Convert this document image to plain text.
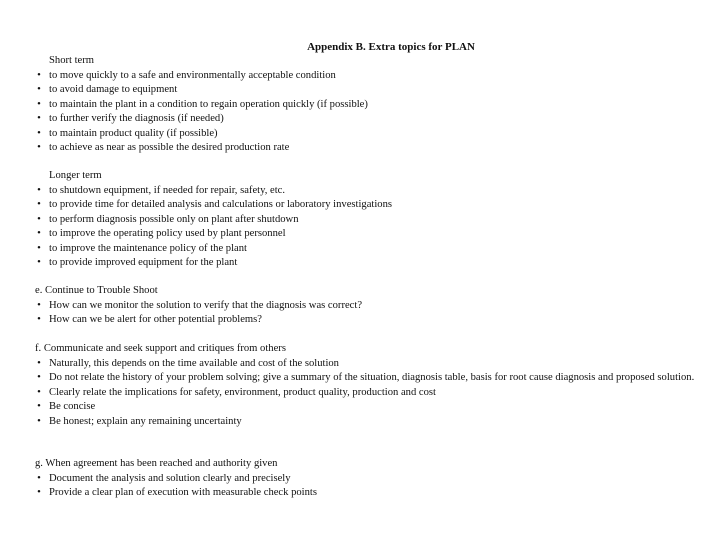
Appendix B. Extra topics for PLAN
Short term
• to move quickly to a safe and environmentally acceptable condition
• to avoid damage to equipment
• to maintain the plant in a condition to regain operation quickly (if possible)
• to further verify the diagnosis (if needed)
• to maintain product quality (if possible)
• to achieve as near as possible the desired production rate
Longer term
• to shutdown equipment, if needed for repair, safety, etc.
• to provide time for detailed analysis and calculations or laboratory investigations
• to perform diagnosis possible only on plant after shutdown
• to improve the operating policy used by plant personnel
• to improve the maintenance policy of the plant
• to provide improved equipment for the plant
e. Continue to Trouble Shoot
• How can we monitor the solution to verify that the diagnosis was correct?
• How can we be alert for other potential problems?
f. Communicate and seek support and critiques from others
• Naturally, this depends on the time available and cost of the solution
• Do not relate the history of your problem solving; give a summary of the situation, diagnosis table, basis for root cause diagnosis and proposed solution.
• Clearly relate the implications for safety, environment, product quality, production and cost
• Be concise
• Be honest; explain any remaining uncertainty
g. When agreement has been reached and authority given
• Document the analysis and solution clearly and precisely
• Provide a clear plan of execution with measurable check points
